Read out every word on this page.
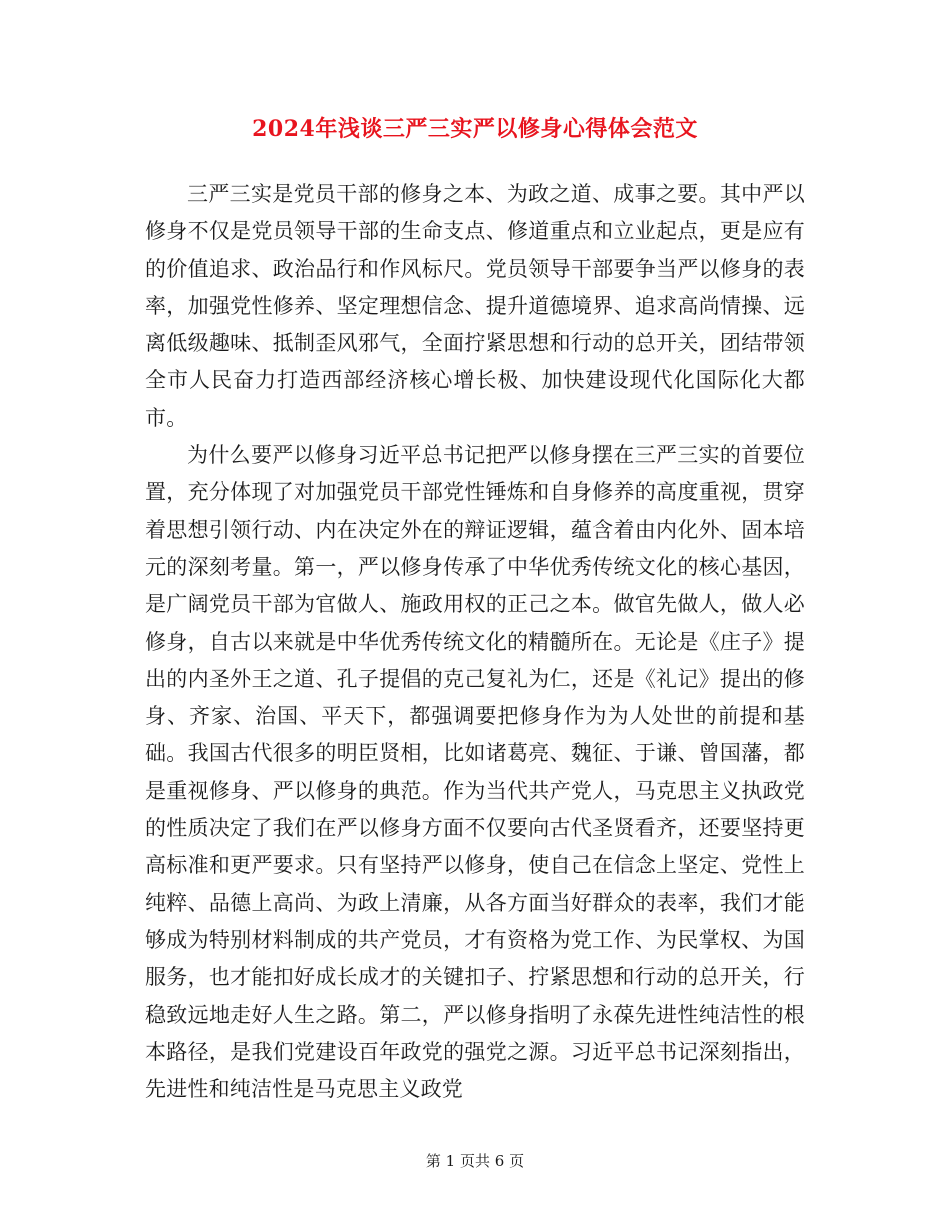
2024年浅谈三严三实严以修身心得体会范文

三严三实是党员干部的修身之本、为政之道、成事之要。其中严以修身不仅是党员领导干部的生命支点、修道重点和立业起点，更是应有的价值追求、政治品行和作风标尺。党员领导干部要争当严以修身的表率，加强党性修养、坚定理想信念、提升道德境界、追求高尚情操、远离低级趣味、抵制歪风邪气，全面拧紧思想和行动的总开关，团结带领全市人民奋力打造西部经济核心增长极、加快建设现代化国际化大都市。

为什么要严以修身习近平总书记把严以修身摆在三严三实的首要位置，充分体现了对加强党员干部党性锤炼和自身修养的高度重视，贯穿着思想引领行动、内在决定外在的辩证逻辑，蕴含着由内化外、固本培元的深刻考量。第一，严以修身传承了中华优秀传统文化的核心基因，是广阔党员干部为官做人、施政用权的正己之本。做官先做人，做人必修身，自古以来就是中华优秀传统文化的精髓所在。无论是《庄子》提出的内圣外王之道、孔子提倡的克己复礼为仁，还是《礼记》提出的修身、齐家、治国、平天下，都强调要把修身作为为人处世的前提和基础。我国古代很多的明臣贤相，比如诸葛亮、魏征、于谦、曾国藩，都是重视修身、严以修身的典范。作为当代共产党人，马克思主义执政党的性质决定了我们在严以修身方面不仅要向古代圣贤看齐，还要坚持更高标准和更严要求。只有坚持严以修身，使自己在信念上坚定、党性上纯粹、品德上高尚、为政上清廉，从各方面当好群众的表率，我们才能够成为特别材料制成的共产党员，才有资格为党工作、为民掌权、为国服务，也才能扣好成长成才的关键扣子、拧紧思想和行动的总开关，行稳致远地走好人生之路。第二，严以修身指明了永葆先进性纯洁性的根本路径，是我们党建设百年政党的强党之源。习近平总书记深刻指出，先进性和纯洁性是马克思主义政党

第 1 页共 6 页
